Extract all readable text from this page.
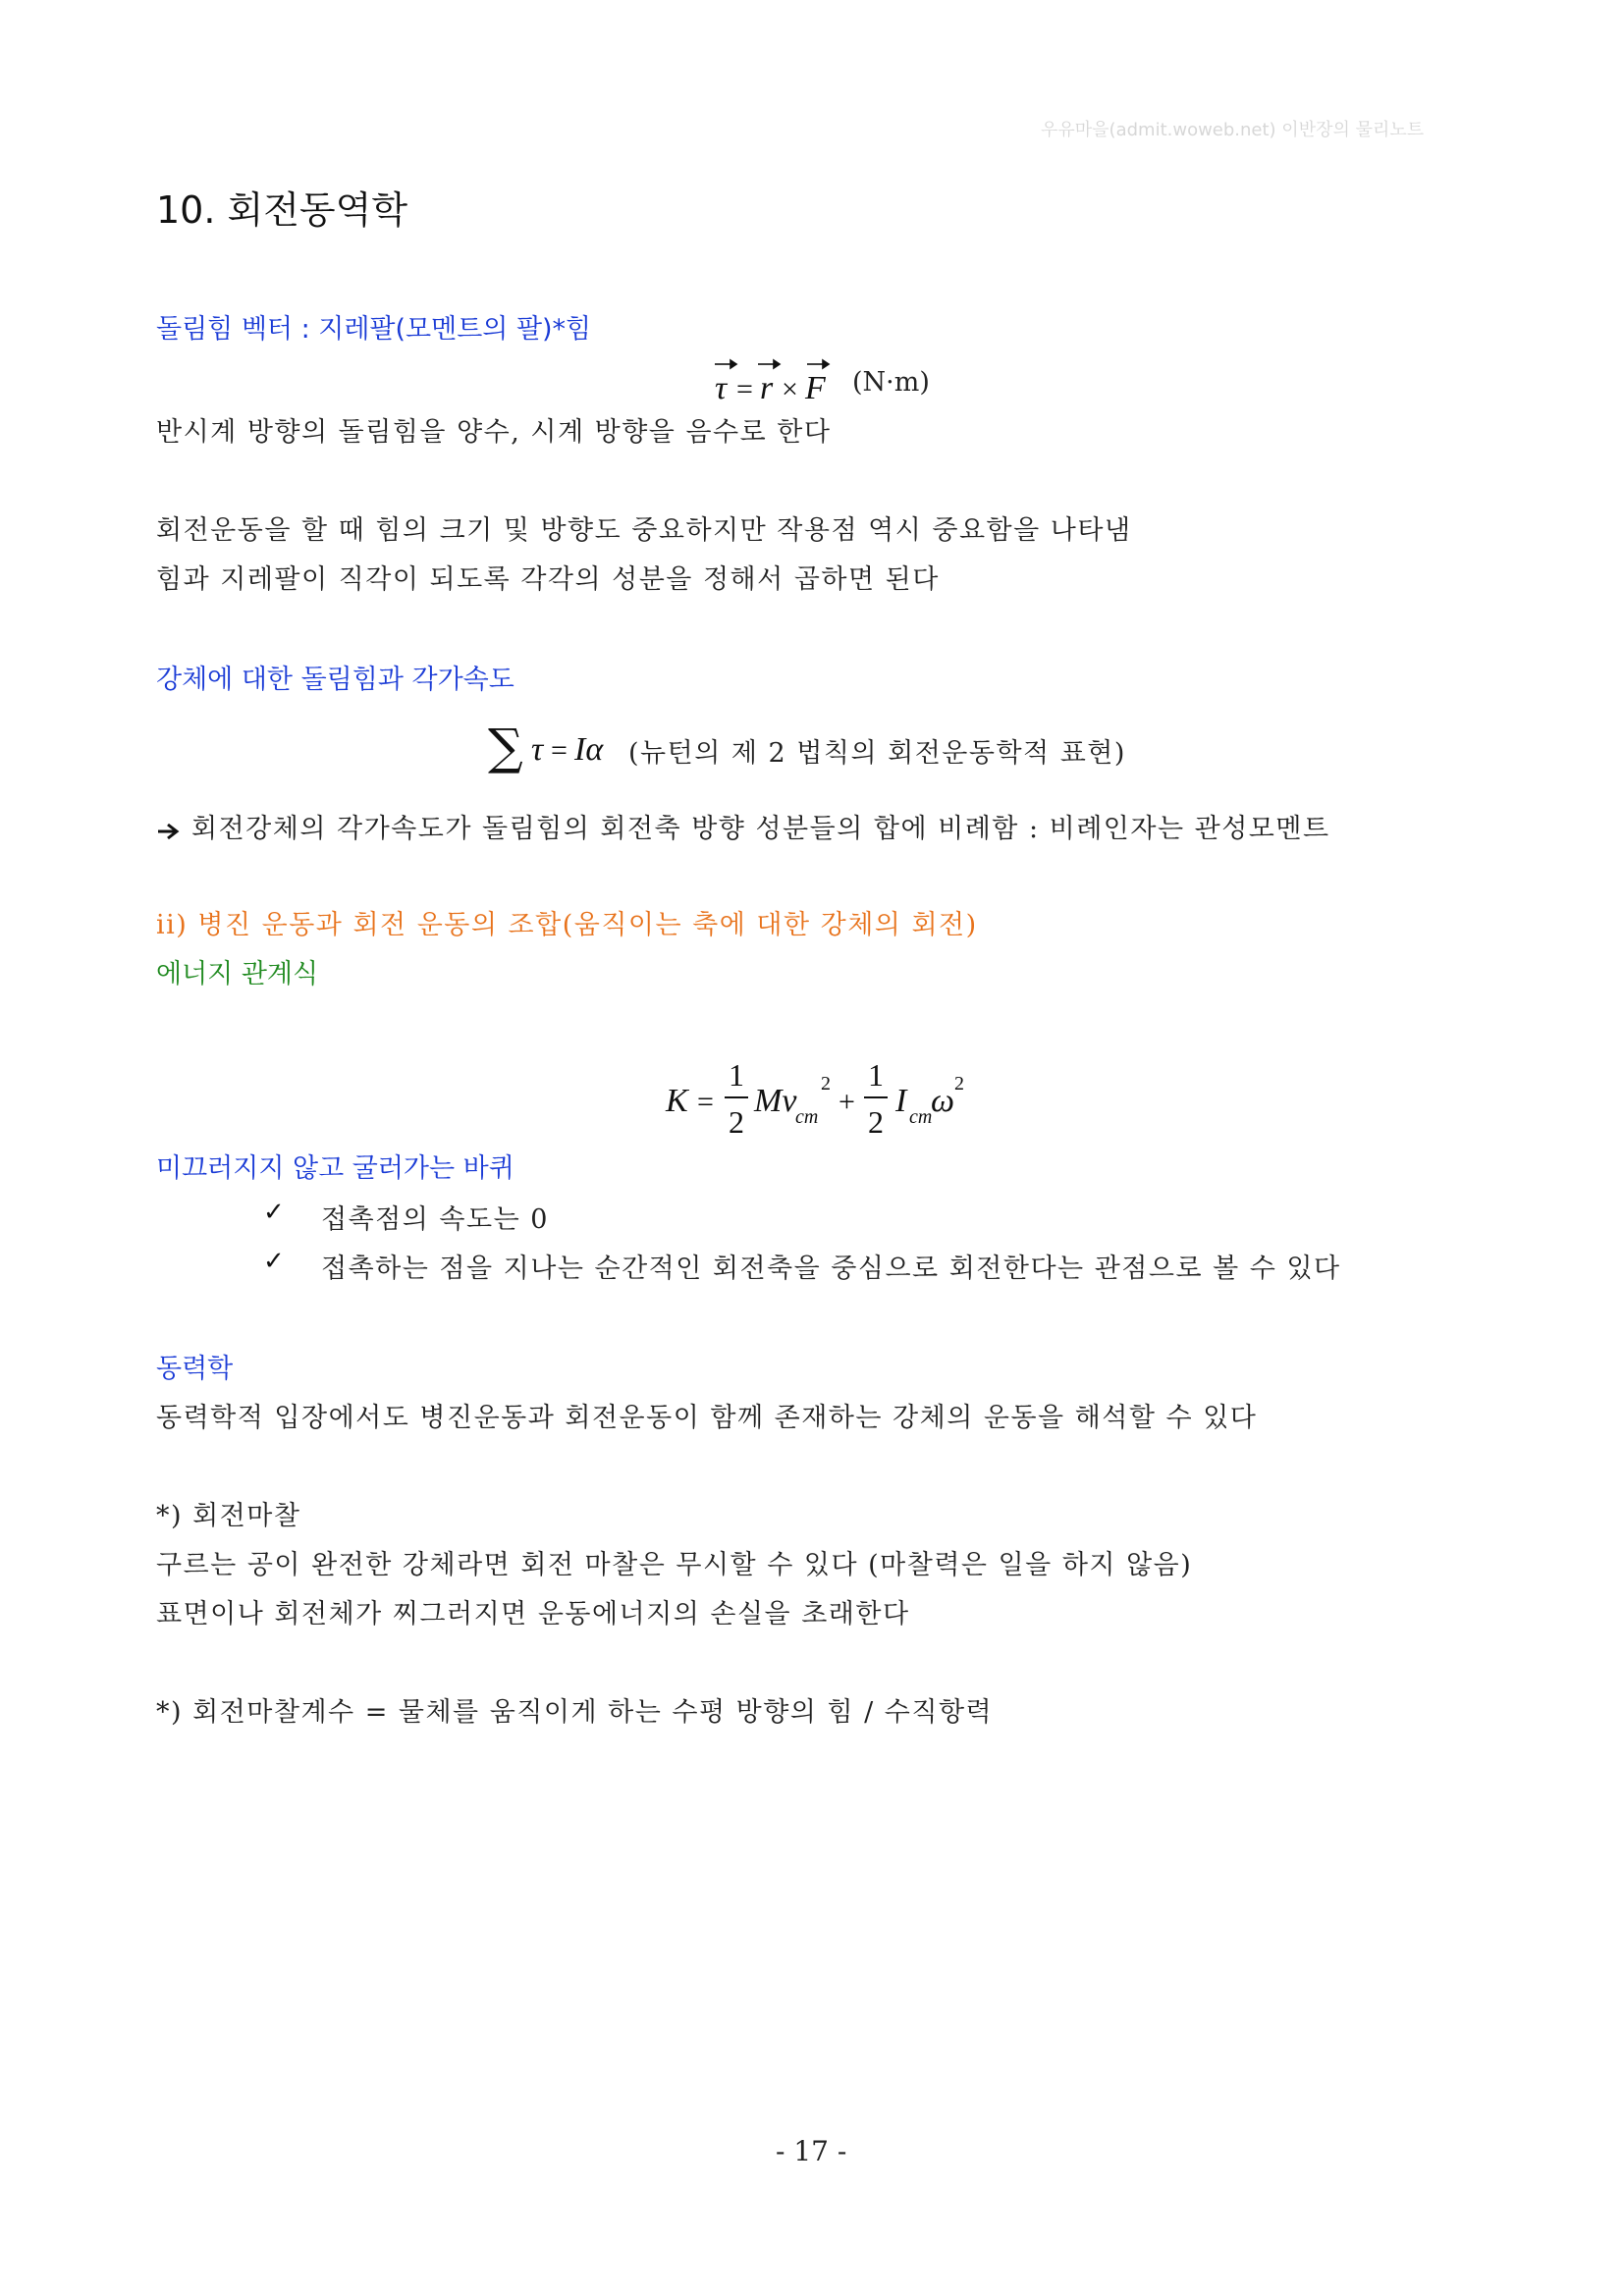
우유마을(admit.woweb.net) 이반장의 물리노트
10. 회전동역학
돌림힘 벡터 : 지레팔(모멘트의 팔)*힘
τ = r × F (N·m)
반시계 방향의 돌림힘을 양수, 시계 방향을 음수로 한다
회전운동을 할 때 힘의 크기 및 방향도 중요하지만 작용점 역시 중요함을 나타냄
힘과 지레팔이 직각이 되도록 각각의 성분을 정해서 곱하면 된다
강체에 대한 돌림힘과 각가속도
∑ τ = Iα (뉴턴의 제 2 법칙의 회전운동학적 표현)
회전강체의 각가속도가 돌림힘의 회전축 방향 성분들의 합에 비례함 : 비례인자는 관성모멘트
ii) 병진 운동과 회전 운동의 조합(움직이는 축에 대한 강체의 회전)
에너지 관계식
K =
1
2
Mv
cm
2
+
1
2
I cm
ω 2
미끄러지지 않고 굴러가는 바퀴
✓ 접촉점의 속도는 0
✓ 접촉하는 점을 지나는 순간적인 회전축을 중심으로 회전한다는 관점으로 볼 수 있다
동력학
동력학적 입장에서도 병진운동과 회전운동이 함께 존재하는 강체의 운동을 해석할 수 있다
*) 회전마찰
구르는 공이 완전한 강체라면 회전 마찰은 무시할 수 있다 (마찰력은 일을 하지 않음)
표면이나 회전체가 찌그러지면 운동에너지의 손실을 초래한다
*) 회전마찰계수 = 물체를 움직이게 하는 수평 방향의 힘 / 수직항력
- 17 -
